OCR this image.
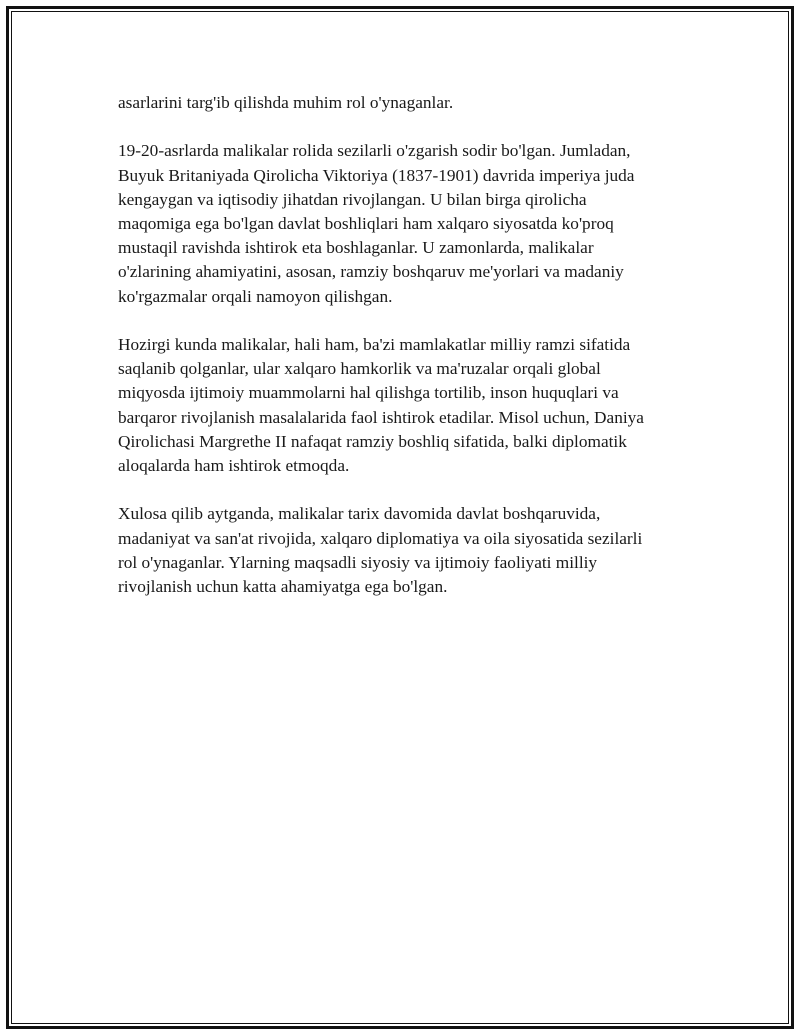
asarlarini targ'ib qilishda muhim rol o'ynaganlar.

19-20-asrlarda malikalar rolida sezilarli o'zgarish sodir bo'lgan. Jumladan,
Buyuk Britaniyada Qirolicha Viktoriya (1837-1901) davrida imperiya juda
kengaygan va iqtisodiy jihatdan rivojlangan. U bilan birga qirolicha
maqomiga ega bo'lgan davlat boshliqlari ham xalqaro siyosatda ko'proq
mustaqil ravishda ishtirok eta boshlaganlar. U zamonlarda, malikalar
o'zlarining ahamiyatini, asosan, ramziy boshqaruv me'yorlari va madaniy
ko'rgazmalar orqali namoyon qilishgan.

Hozirgi kunda malikalar, hali ham, ba'zi mamlakatlar milliy ramzi sifatida
saqlanib qolganlar, ular xalqaro hamkorlik va ma'ruzalar orqali global
miqyosda ijtimoiy muammolarni hal qilishga tortilib, inson huquqlari va
barqaror rivojlanish masalalarida faol ishtirok etadilar. Misol uchun, Daniya
Qirolichasi Margrethe II nafaqat ramziy boshliq sifatida, balki diplomatik
aloqalarda ham ishtirok etmoqda.

Xulosa qilib aytganda, malikalar tarix davomida davlat boshqaruvida,
madaniyat va san'at rivojida, xalqaro diplomatiya va oila siyosatida sezilarli
rol o'ynaganlar. Ylarning maqsadli siyosiy va ijtimoiy faoliyati milliy
rivojlanish uchun katta ahamiyatga ega bo'lgan.
